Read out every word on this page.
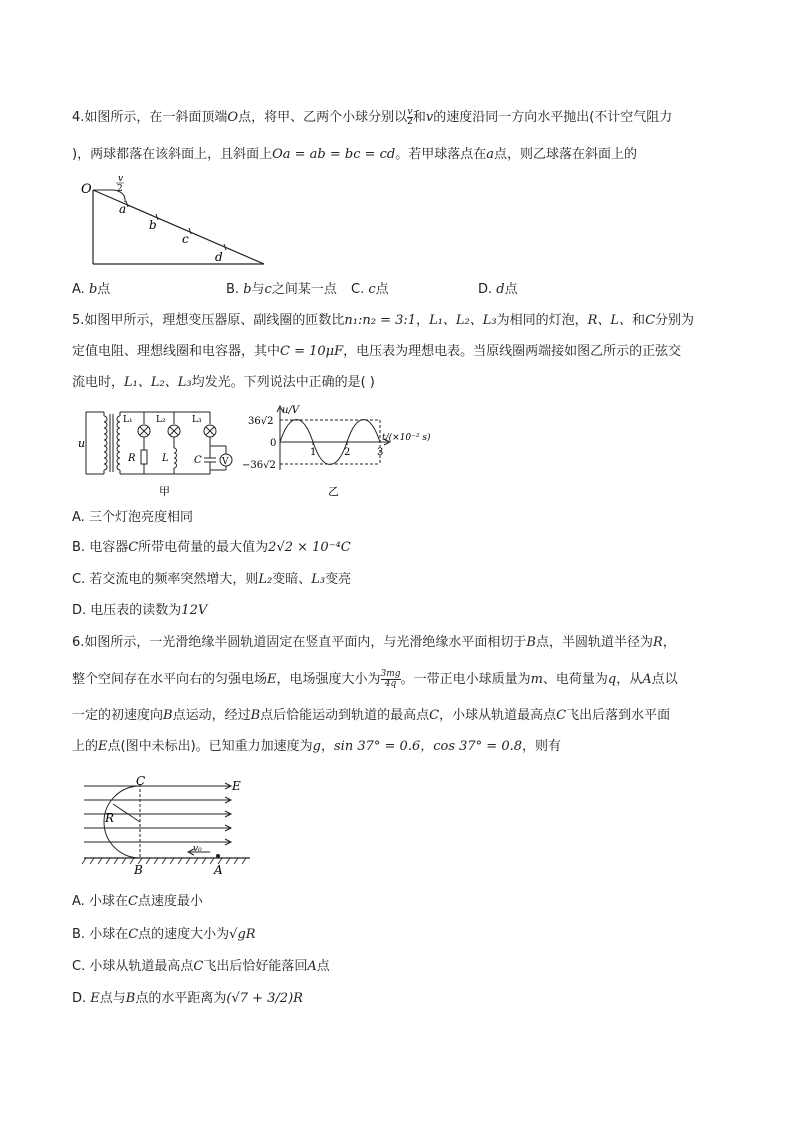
4.如图所示，在一斜面顶端O点，将甲、乙两个小球分别以 $\frac{v}{2}$ 和v的速度沿同一方向水平抛出(不计空气阻力
)，两球都落在该斜面上，且斜面上Oa = ab = bc = cd。若甲球落点在a点，则乙球落在斜面上的
O
v
2
a
b
c
d
A. b点	B. b与c之间某一点 C. c点	D. d点
5.如图甲所示，理想变压器原、副线圈的匝数比n₁:n₂ = 3:1，L₁、L₂、L₃为相同的灯泡，R、L、和C分别为
定值电阻、理想线圈和电容器，其中C = 10μF，电压表为理想电表。当原线圈两端接如图乙所示的正弦交
流电时，L₁、L₂、L₃均发光。下列说法中正确的是( )
u
L₁	L₂	L₃
R	L	C V
甲
u/V
36√2
0
−36√2
t/(×10⁻² s)
1	2	3
乙
A. 三个灯泡亮度相同
B. 电容器C所带电荷量的最大值为2√2 × 10⁻⁴C
C. 若交流电的频率突然增大，则L₂变暗、L₃变亮
D. 电压表的读数为12V
6.如图所示，一光滑绝缘半圆轨道固定在竖直平面内，与光滑绝缘水平面相切于B点，半圆轨道半径为R，
整个空间存在水平向右的匀强电场E，电场强度大小为 $\frac{3mg}{4q}$ 。一带正电小球质量为m、电荷量为q，从A点以
一定的初速度向B点运动，经过B点后恰能运动到轨道的最高点C，小球从轨道最高点C飞出后落到水平面
上的E点(图中未标出)。已知重力加速度为g，sin 37° = 0.6，cos 37° = 0.8，则有
C	E
R
v₀
B	A
A. 小球在C点速度最小
B. 小球在C点的速度大小为√gR
C. 小球从轨道最高点C飞出后恰好能落回A点
D. E点与B点的水平距离为(√7 + 3/2)R
